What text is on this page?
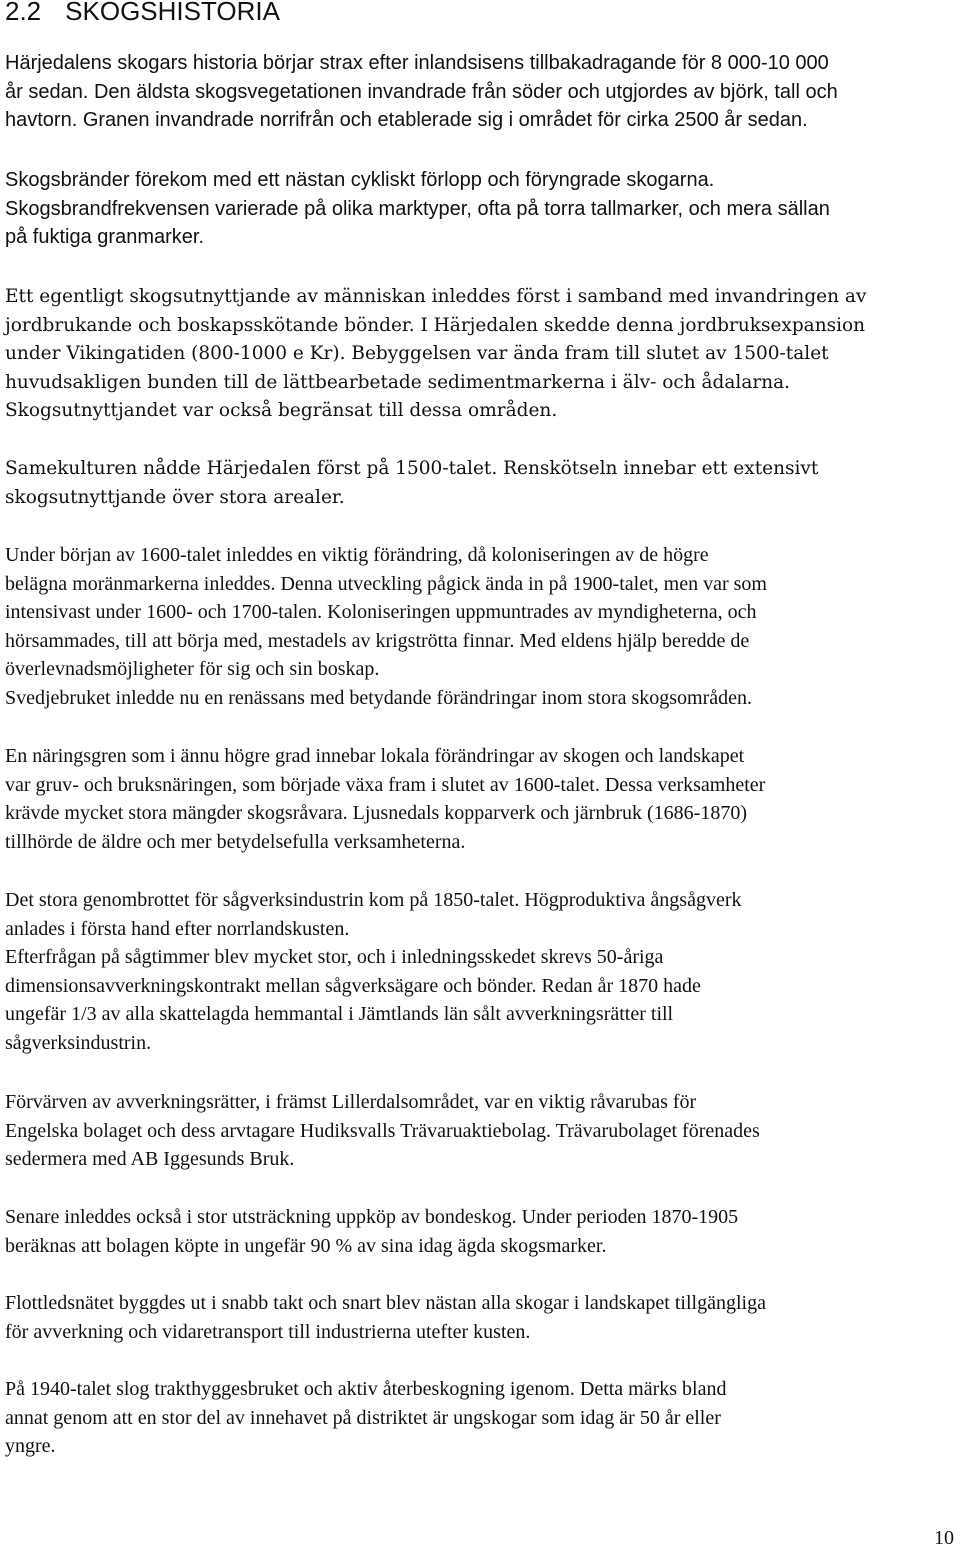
2.2 SKOGSHISTORIA
Härjedalens skogars historia börjar strax efter inlandsisens tillbakadragande för 8 000-10 000
år sedan. Den äldsta skogsvegetationen invandrade från söder och utgjordes av björk, tall och
havtorn. Granen invandrade norrifrån och etablerade sig i området för cirka 2500 år sedan.
Skogsbränder förekom med ett nästan cykliskt förlopp och föryngrade skogarna.
Skogsbrandfrekvensen varierade på olika marktyper, ofta på torra tallmarker, och mera sällan
på fuktiga granmarker.
Ett egentligt skogsutnyttjande av människan inleddes först i samband med invandringen av
jordbrukande och boskapsskötande bönder. I Härjedalen skedde denna jordbruksexpansion
under Vikingatiden (800-1000 e Kr). Bebyggelsen var ända fram till slutet av 1500-talet
huvudsakligen bunden till de lättbearbetade sedimentmarkerna i älv- och ådalarna.
Skogsutnyttjandet var också begränsat till dessa områden.
Samekulturen nådde Härjedalen först på 1500-talet. Renskötseln innebar ett extensivt
skogsutnyttjande över stora arealer.
Under början av 1600-talet inleddes en viktig förändring, då koloniseringen av de högre
belägna moränmarkerna inleddes. Denna utveckling pågick ända in på 1900-talet, men var som
intensivast under 1600- och 1700-talen. Koloniseringen uppmuntrades av myndigheterna, och
hörsammades, till att börja med, mestadels av krigströtta finnar. Med eldens hjälp beredde de
överlevnadsmöjligheter för sig och sin boskap.
Svedjebruket inledde nu en renässans med betydande förändringar inom stora skogsområden.
En näringsgren som i ännu högre grad innebar lokala förändringar av skogen och landskapet
var gruv- och bruksnäringen, som började växa fram i slutet av 1600-talet. Dessa verksamheter
krävde mycket stora mängder skogsråvara. Ljusnedals kopparverk och järnbruk (1686-1870)
tillhörde de äldre och mer betydelsefulla verksamheterna.
Det stora genombrottet för sågverksindustrin kom på 1850-talet. Högproduktiva ångsågverk
anlades i första hand efter norrlandskusten.
Efterfrågan på sågtimmer blev mycket stor, och i inledningsskedet skrevs 50-åriga
dimensionsavverkningskontrakt mellan sågverksägare och bönder. Redan år 1870 hade
ungefär 1/3 av alla skattelagda hemmantal i Jämtlands län sålt avverkningsrätter till
sågverksindustrin.
Förvärven av avverkningsrätter, i främst Lillerdalsområdet, var en viktig råvarubas för
Engelska bolaget och dess arvtagare Hudiksvalls Trävaruaktiebolag. Trävarubolaget förenades
sedermera med AB Iggesunds Bruk.
Senare inleddes också i stor utsträckning uppköp av bondeskog. Under perioden 1870-1905
beräknas att bolagen köpte in ungefär 90 % av sina idag ägda skogsmarker.
Flottledsnätet byggdes ut i snabb takt och snart blev nästan alla skogar i landskapet tillgängliga
för avverkning och vidaretransport till industrierna utefter kusten.
På 1940-talet slog trakthyggesbruket och aktiv återbeskogning igenom. Detta märks bland
annat genom att en stor del av innehavet på distriktet är ungskogar som idag är 50 år eller
yngre.
10
